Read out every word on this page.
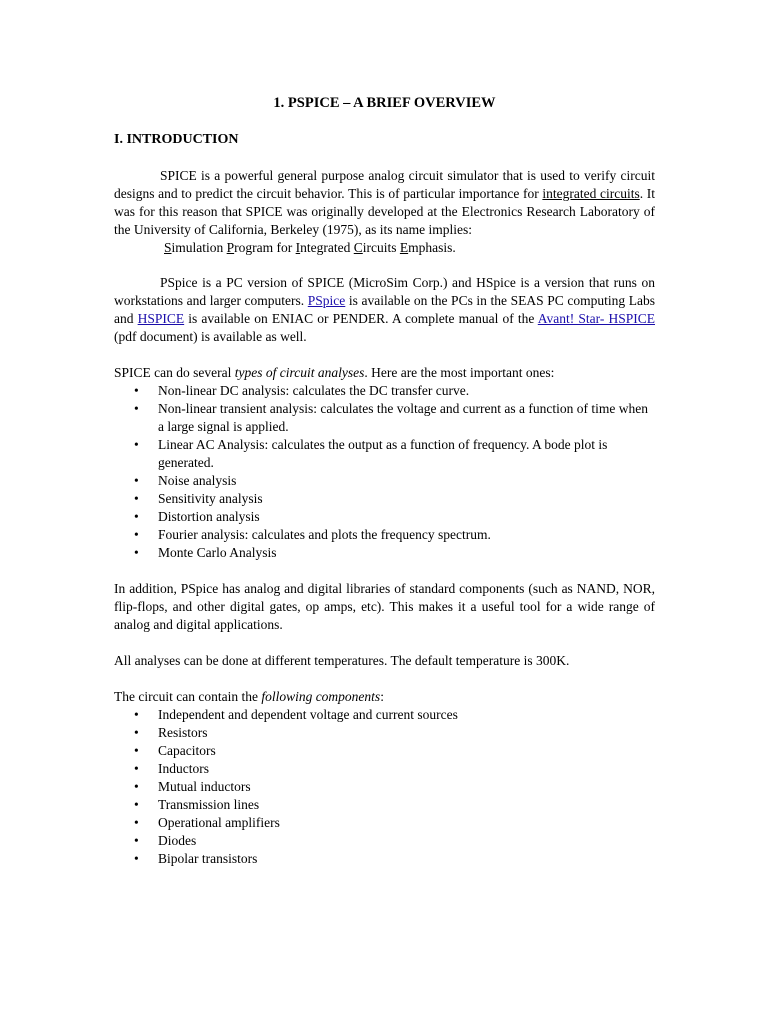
1. PSPICE – A BRIEF OVERVIEW
I. INTRODUCTION

SPICE is a powerful general purpose analog circuit simulator that is used to verify circuit designs and to predict the circuit behavior. This is of particular importance for integrated circuits. It was for this reason that SPICE was originally developed at the Electronics Research Laboratory of the University of California, Berkeley (1975), as its name implies:

Simulation Program for Integrated Circuits Emphasis.

PSpice is a PC version of SPICE (MicroSim Corp.) and HSpice is a version that runs on workstations and larger computers. PSpice is available on the PCs in the SEAS PC computing Labs and HSPICE is available on ENIAC or PENDER. A complete manual of the Avant! Star- HSPICE (pdf document) is available as well.

SPICE can do several types of circuit analyses. Here are the most important ones:

• Non-linear DC analysis: calculates the DC transfer curve.
• Non-linear transient analysis: calculates the voltage and current as a function of time when a large signal is applied.
• Linear AC Analysis: calculates the output as a function of frequency. A bode plot is generated.
• Noise analysis
• Sensitivity analysis
• Distortion analysis
• Fourier analysis: calculates and plots the frequency spectrum.
• Monte Carlo Analysis

In addition, PSpice has analog and digital libraries of standard components (such as NAND, NOR, flip-flops, and other digital gates, op amps, etc). This makes it a useful tool for a wide range of analog and digital applications.

All analyses can be done at different temperatures. The default temperature is 300K.

The circuit can contain the following components:

• Independent and dependent voltage and current sources
• Resistors
• Capacitors
• Inductors
• Mutual inductors
• Transmission lines
• Operational amplifiers
• Diodes
• Bipolar transistors
